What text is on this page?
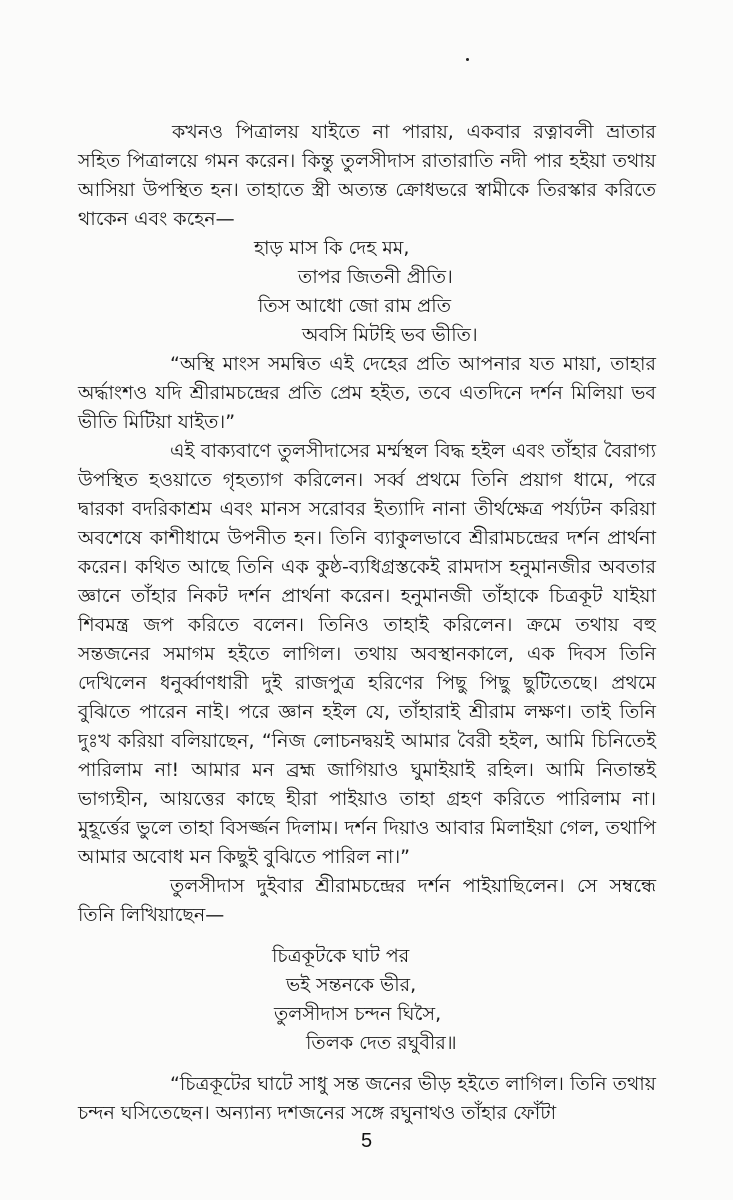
কখনও পিত্রালয় যাইতে না পারায়, একবার রত্নাবলী ভ্রাতার সহিত পিত্রালয়ে গমন করেন। কিন্তু তুলসীদাস রাতারাতি নদী পার হইয়া তথায় আসিয়া উপস্থিত হন। তাহাতে স্ত্রী অত্যন্ত ক্রোধভরে স্বামীকে তিরস্কার করিতে থাকেন এবং কহেন—

হাড় মাস কি দেহ মম,
তাপর জিতনী প্রীতি।
তিস আধো জো রাম প্রতি
অবসি মিটহি ভব ভীতি।

“অস্থি মাংস সমন্বিত এই দেহের প্রতি আপনার যত মায়া, তাহার অর্দ্ধাংশও যদি শ্রীরামচন্দ্রের প্রতি প্রেম হইত, তবে এতদিনে দর্শন মিলিয়া ভব ভীতি মিটিয়া যাইত।”

এই বাক্যবাণে তুলসীদাসের মর্ম্মস্থল বিদ্ধ হইল এবং তাঁহার বৈরাগ্য উপস্থিত হওয়াতে গৃহত্যাগ করিলেন। সর্ব্ব প্রথমে তিনি প্রয়াগ ধামে, পরে দ্বারকা বদরিকাশ্রম এবং মানস সরোবর ইত্যাদি নানা তীর্থক্ষেত্র পর্য্যটন করিয়া অবশেষে কাশীধামে উপনীত হন। তিনি ব্যাকুলভাবে শ্রীরামচন্দ্রের দর্শন প্রার্থনা করেন। কথিত আছে তিনি এক কুষ্ঠ-ব্যধিগ্রস্তকেই রামদাস হনুমানজীর অবতার জ্ঞানে তাঁহার নিকট দর্শন প্রার্থনা করেন। হনুমানজী তাঁহাকে চিত্রকূট যাইয়া শিবমন্ত্র জপ করিতে বলেন। তিনিও তাহাই করিলেন। ক্রমে তথায় বহু সন্তজনের সমাগম হইতে লাগিল। তথায় অবস্থানকালে, এক দিবস তিনি দেখিলেন ধনুর্ব্বাণধারী দুই রাজপুত্র হরিণের পিছু পিছু ছুটিতেছে। প্রথমে বুঝিতে পারেন নাই। পরে জ্ঞান হইল যে, তাঁহারাই শ্রীরাম লক্ষণ। তাই তিনি দুঃখ করিয়া বলিয়াছেন, “নিজ লোচনদ্বয়ই আমার বৈরী হইল, আমি চিনিতেই পারিলাম না! আমার মন ব্রহ্ম জাগিয়াও ঘুমাইয়াই রহিল। আমি নিতান্তই ভাগ্যহীন, আয়ত্তের কাছে হীরা পাইয়াও তাহা গ্রহণ করিতে পারিলাম না। মুহূর্ত্তের ভুলে তাহা বিসর্জ্জন দিলাম। দর্শন দিয়াও আবার মিলাইয়া গেল, তথাপি আমার অবোধ মন কিছুই বুঝিতে পারিল না।”

তুলসীদাস দুইবার শ্রীরামচন্দ্রের দর্শন পাইয়াছিলেন। সে সম্বন্ধে তিনি লিখিয়াছেন—

চিত্রকূটকে ঘাট পর
ভই সন্তনকে ভীর,
তুলসীদাস চন্দন ঘিসৈ,
তিলক দেত রঘুবীর॥

“চিত্রকূটের ঘাটে সাধু সন্ত জনের ভীড় হইতে লাগিল। তিনি তথায় চন্দন ঘসিতেছেন। অন্যান্য দশজনের সঙ্গে রঘুনাথও তাঁহার ফোঁটা

5
